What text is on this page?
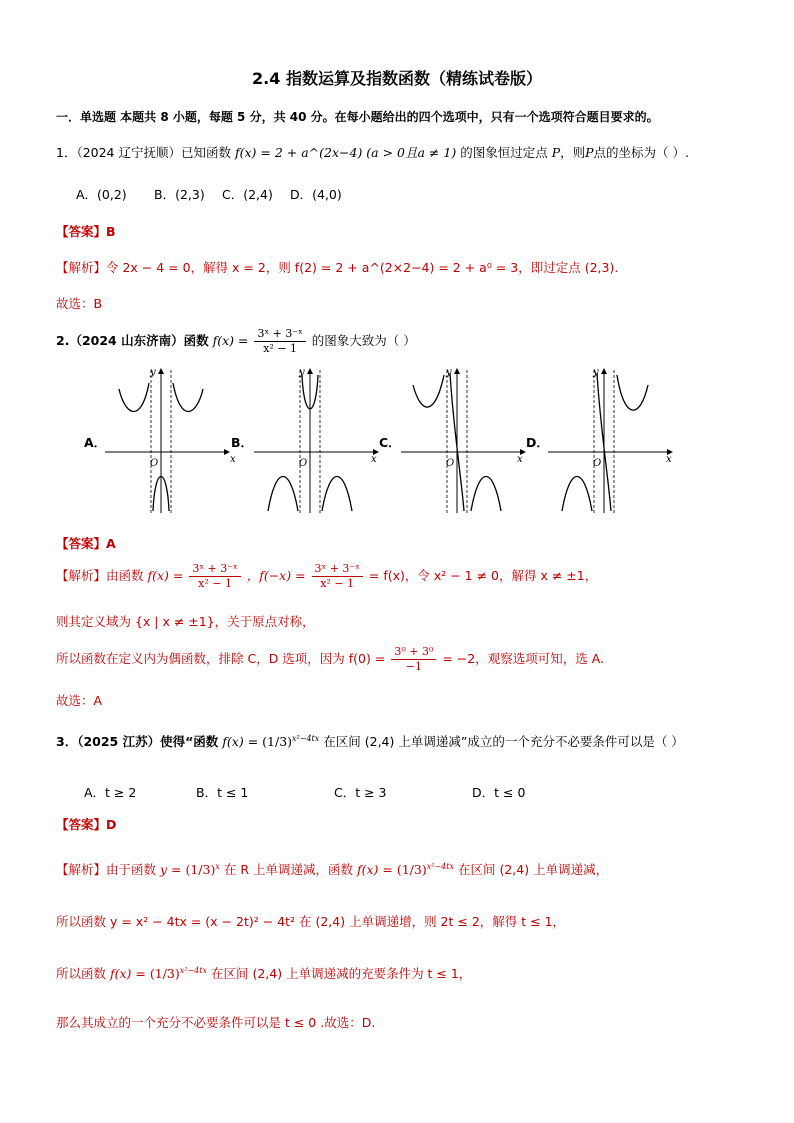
2.4 指数运算及指数函数（精练试卷版）
一．单选题 本题共 8 小题，每题 5 分，共 40 分。在每小题给出的四个选项中，只有一个选项符合题目要求的。
1．（2024 辽宁抚顺）已知函数 f(x) = 2 + a^(2x−4) (a > 0且a ≠ 1) 的图象恒过定点 P，则P点的坐标为（ ）.
A．(0,2) B．(2,3) C．(2,4) D．(4,0)
【答案】B
【解析】令 2x − 4 = 0，解得 x = 2，则 f(2) = 2 + a^(2×2−4) = 2 + a⁰ = 3，即过定点 (2,3).
故选：B
2.（2024 山东济南）函数 $f(x) = \frac{\text{3ˣ + 3⁻ˣ}}{\text{x² − 1}}$ 的图象大致为（ ）
A．	B．	C．	D．
x
y
O	x
y
O	x
y
O	x
y
O
【答案】A
【解析】由函数 $f(x) = \frac{\text{3ˣ + 3⁻ˣ}}{\text{x² − 1}}$ ，$f(-x) = \frac{\text{3ˣ + 3⁻ˣ}}{\text{x² − 1}} = f(x)$，令 x² − 1 ≠ 0，解得 x ≠ ±1，
则其定义域为 {x | x ≠ ±1}，关于原点对称，
所以函数在定义内为偶函数，排除 C，D 选项，因为 $f(0) = \frac{\text{3⁰ + 3⁰}}{-1} = -2$，观察选项可知，选 A.
故选：A
3．（2025 江苏）使得“函数 $f(x) = (1/3)^{x^2-4tx}$ 在区间 (2,4) 上单调递减”成立的一个充分不必要条件可以是（ ）
A．t ≥ 2	B．t ≤ 1	C．t ≥ 3	D．t ≤ 0
【答案】D
【解析】由于函数 $y = (1/3)^x$ 在 R 上单调递减，函数 $f(x) = (1/3)^{x^2-4tx}$ 在区间 (2,4) 上单调递减，
所以函数 y = x² − 4tx = (x − 2t)² − 4t² 在 (2,4) 上单调递增，则 2t ≤ 2，解得 t ≤ 1，
所以函数 $f(x) = (1/3)^{x^2-4tx}$ 在区间 (2,4) 上单调递减的充要条件为 t ≤ 1，
那么其成立的一个充分不必要条件可以是 t ≤ 0 .故选：D.
